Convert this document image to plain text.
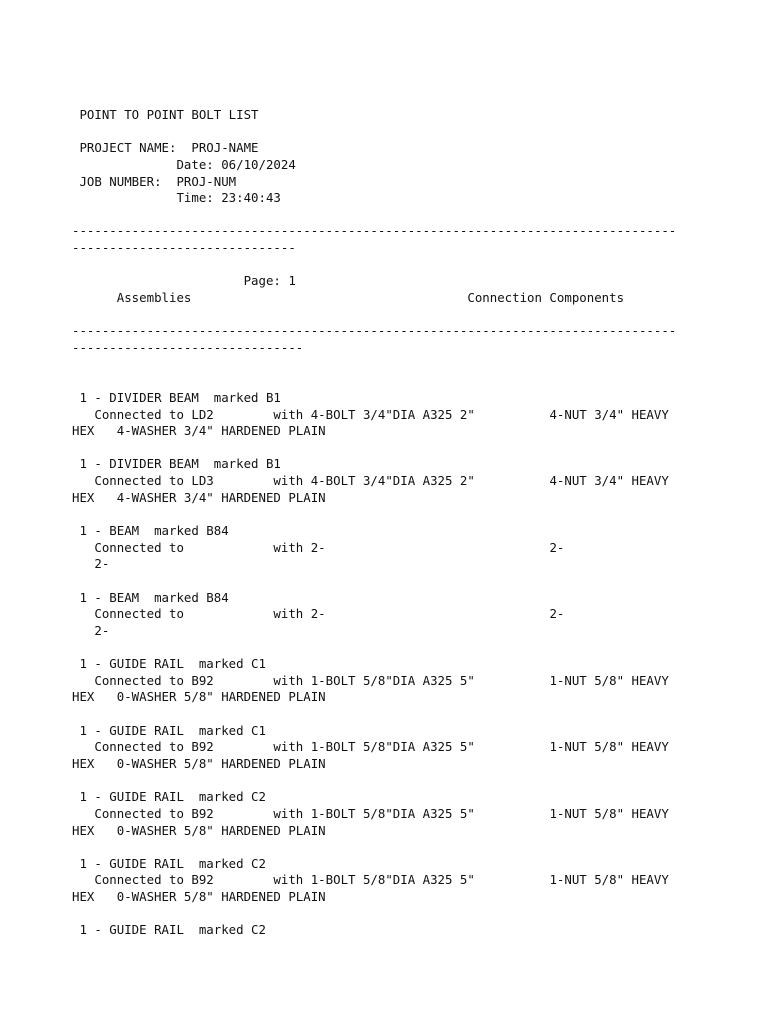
POINT TO POINT BOLT LIST

PROJECT NAME:  PROJ-NAME
Date: 06/10/2024
JOB NUMBER:  PROJ-NUM
Time: 23:40:43

---------------------------------------------------------------------------------
------------------------------

Page: 1
Assemblies                                     Connection Components

---------------------------------------------------------------------------------
-------------------------------

1 - DIVIDER BEAM  marked B1
Connected to LD2        with 4-BOLT 3/4"DIA A325 2"          4-NUT 3/4" HEAVY
HEX   4-WASHER 3/4" HARDENED PLAIN

1 - DIVIDER BEAM  marked B1
Connected to LD3        with 4-BOLT 3/4"DIA A325 2"          4-NUT 3/4" HEAVY
HEX   4-WASHER 3/4" HARDENED PLAIN

1 - BEAM  marked B84
Connected to            with 2-                              2-
2-

1 - BEAM  marked B84
Connected to            with 2-                              2-
2-

1 - GUIDE RAIL  marked C1
Connected to B92        with 1-BOLT 5/8"DIA A325 5"          1-NUT 5/8" HEAVY
HEX   0-WASHER 5/8" HARDENED PLAIN

1 - GUIDE RAIL  marked C1
Connected to B92        with 1-BOLT 5/8"DIA A325 5"          1-NUT 5/8" HEAVY
HEX   0-WASHER 5/8" HARDENED PLAIN

1 - GUIDE RAIL  marked C2
Connected to B92        with 1-BOLT 5/8"DIA A325 5"          1-NUT 5/8" HEAVY
HEX   0-WASHER 5/8" HARDENED PLAIN

1 - GUIDE RAIL  marked C2
Connected to B92        with 1-BOLT 5/8"DIA A325 5"          1-NUT 5/8" HEAVY
HEX   0-WASHER 5/8" HARDENED PLAIN

1 - GUIDE RAIL  marked C2
